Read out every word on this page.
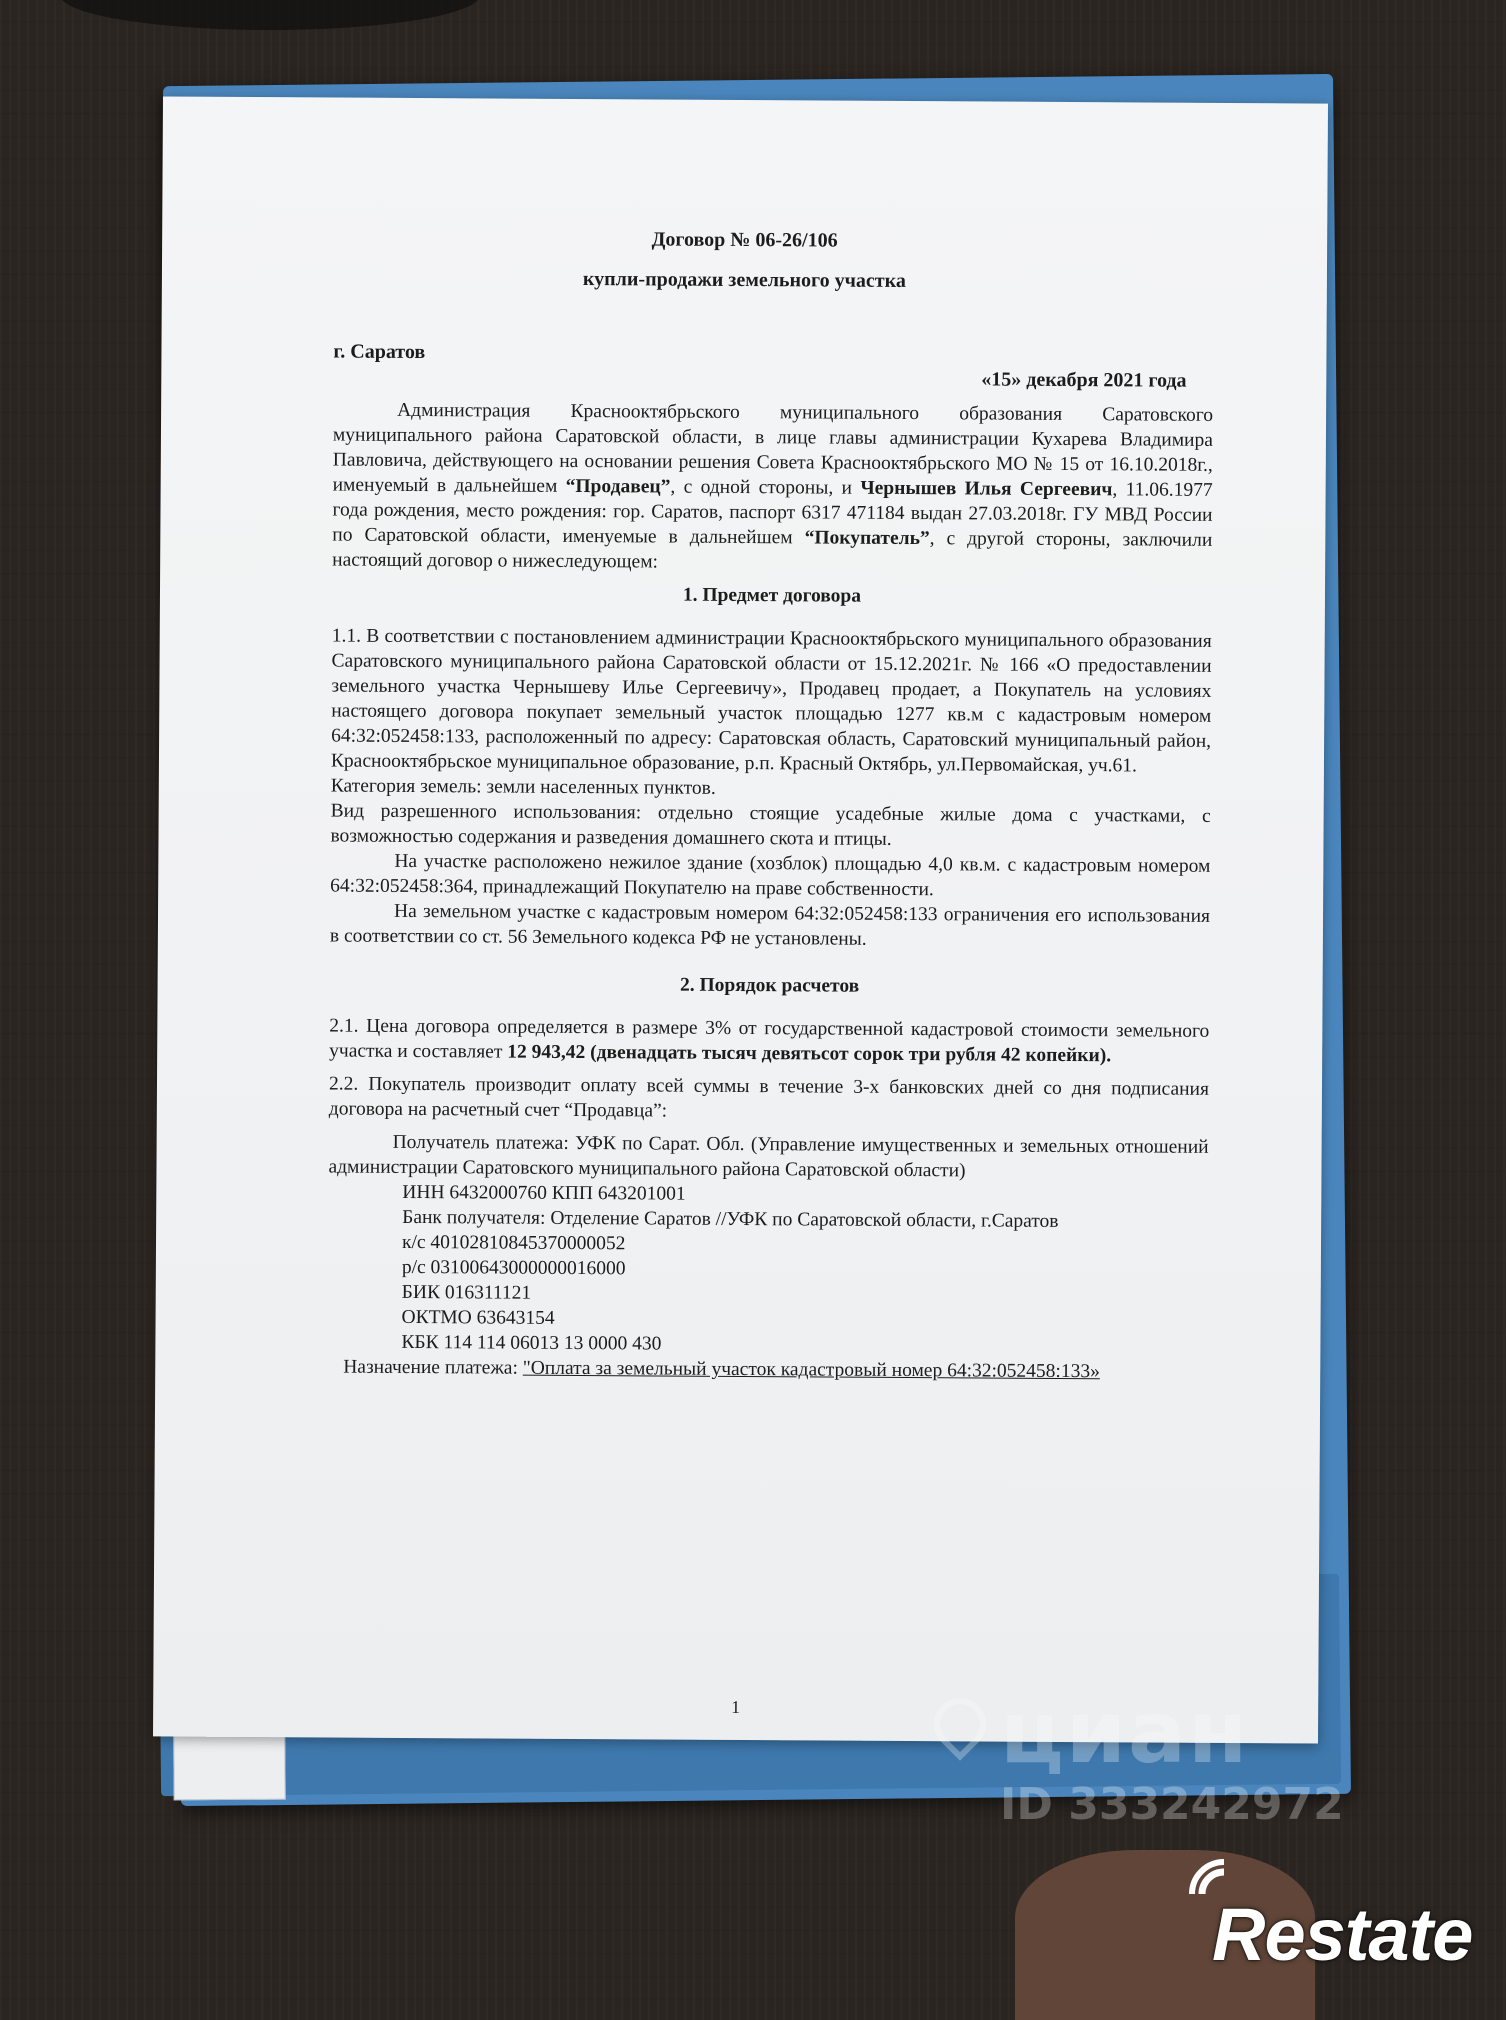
Договор № 06-26/106
купли-продажи земельного участка
г. Саратов
«15» декабря 2021 года

Администрация Краснооктябрьского муниципального образования Саратовского муниципального района Саратовской области, в лице главы администрации Кухарева Владимира Павловича, действующего на основании решения Совета Краснооктябрьского МО № 15 от 16.10.2018г., именуемый в дальнейшем “Продавец”, с одной стороны, и Чернышев Илья Сергеевич, 11.06.1977 года рождения, место рождения: гор. Саратов, паспорт 6317 471184 выдан 27.03.2018г. ГУ МВД России по Саратовской области, именуемые в дальнейшем “Покупатель”, с другой стороны, заключили настоящий договор о нижеследующем:

1. Предмет договора

1.1. В соответствии с постановлением администрации Краснооктябрьского муниципального образования Саратовского муниципального района Саратовской области от 15.12.2021г. № 166 «О предоставлении земельного участка Чернышеву Илье Сергеевичу», Продавец продает, а Покупатель на условиях настоящего договора покупает земельный участок площадью 1277 кв.м с кадастровым номером 64:32:052458:133, расположенный по адресу: Саратовская область, Саратовский муниципальный район, Краснооктябрьское муниципальное образование, р.п. Красный Октябрь, ул.Первомайская, уч.61.

Категория земель: земли населенных пунктов.

Вид разрешенного использования: отдельно стоящие усадебные жилые дома с участками, с возможностью содержания и разведения домашнего скота и птицы.

На участке расположено нежилое здание (хозблок) площадью 4,0 кв.м. с кадастровым номером 64:32:052458:364, принадлежащий Покупателю на праве собственности.

На земельном участке с кадастровым номером 64:32:052458:133 ограничения его использования в соответствии со ст. 56 Земельного кодекса РФ не установлены.

2. Порядок расчетов

2.1. Цена договора определяется в размере 3% от государственной кадастровой стоимости земельного участка и составляет 12 943,42 (двенадцать тысяч девятьсот сорок три рубля 42 копейки).

2.2. Покупатель производит оплату всей суммы в течение 3-х банковских дней со дня подписания договора на расчетный счет “Продавца”:

Получатель платежа: УФК по Сарат. Обл. (Управление имущественных и земельных отношений администрации Саратовского муниципального района Саратовской области)

ИНН 6432000760 КПП 643201001

Банк получателя: Отделение Саратов //УФК по Саратовской области, г.Саратов

к/с 40102810845370000052

р/с 03100643000000016000

БИК 016311121

ОКТМО 63643154

КБК 114 114 06013 13 0000 430

Назначение платежа: "Оплата за земельный участок кадастровый номер 64:32:052458:133»

1	циан
ID 333242972
Restate
